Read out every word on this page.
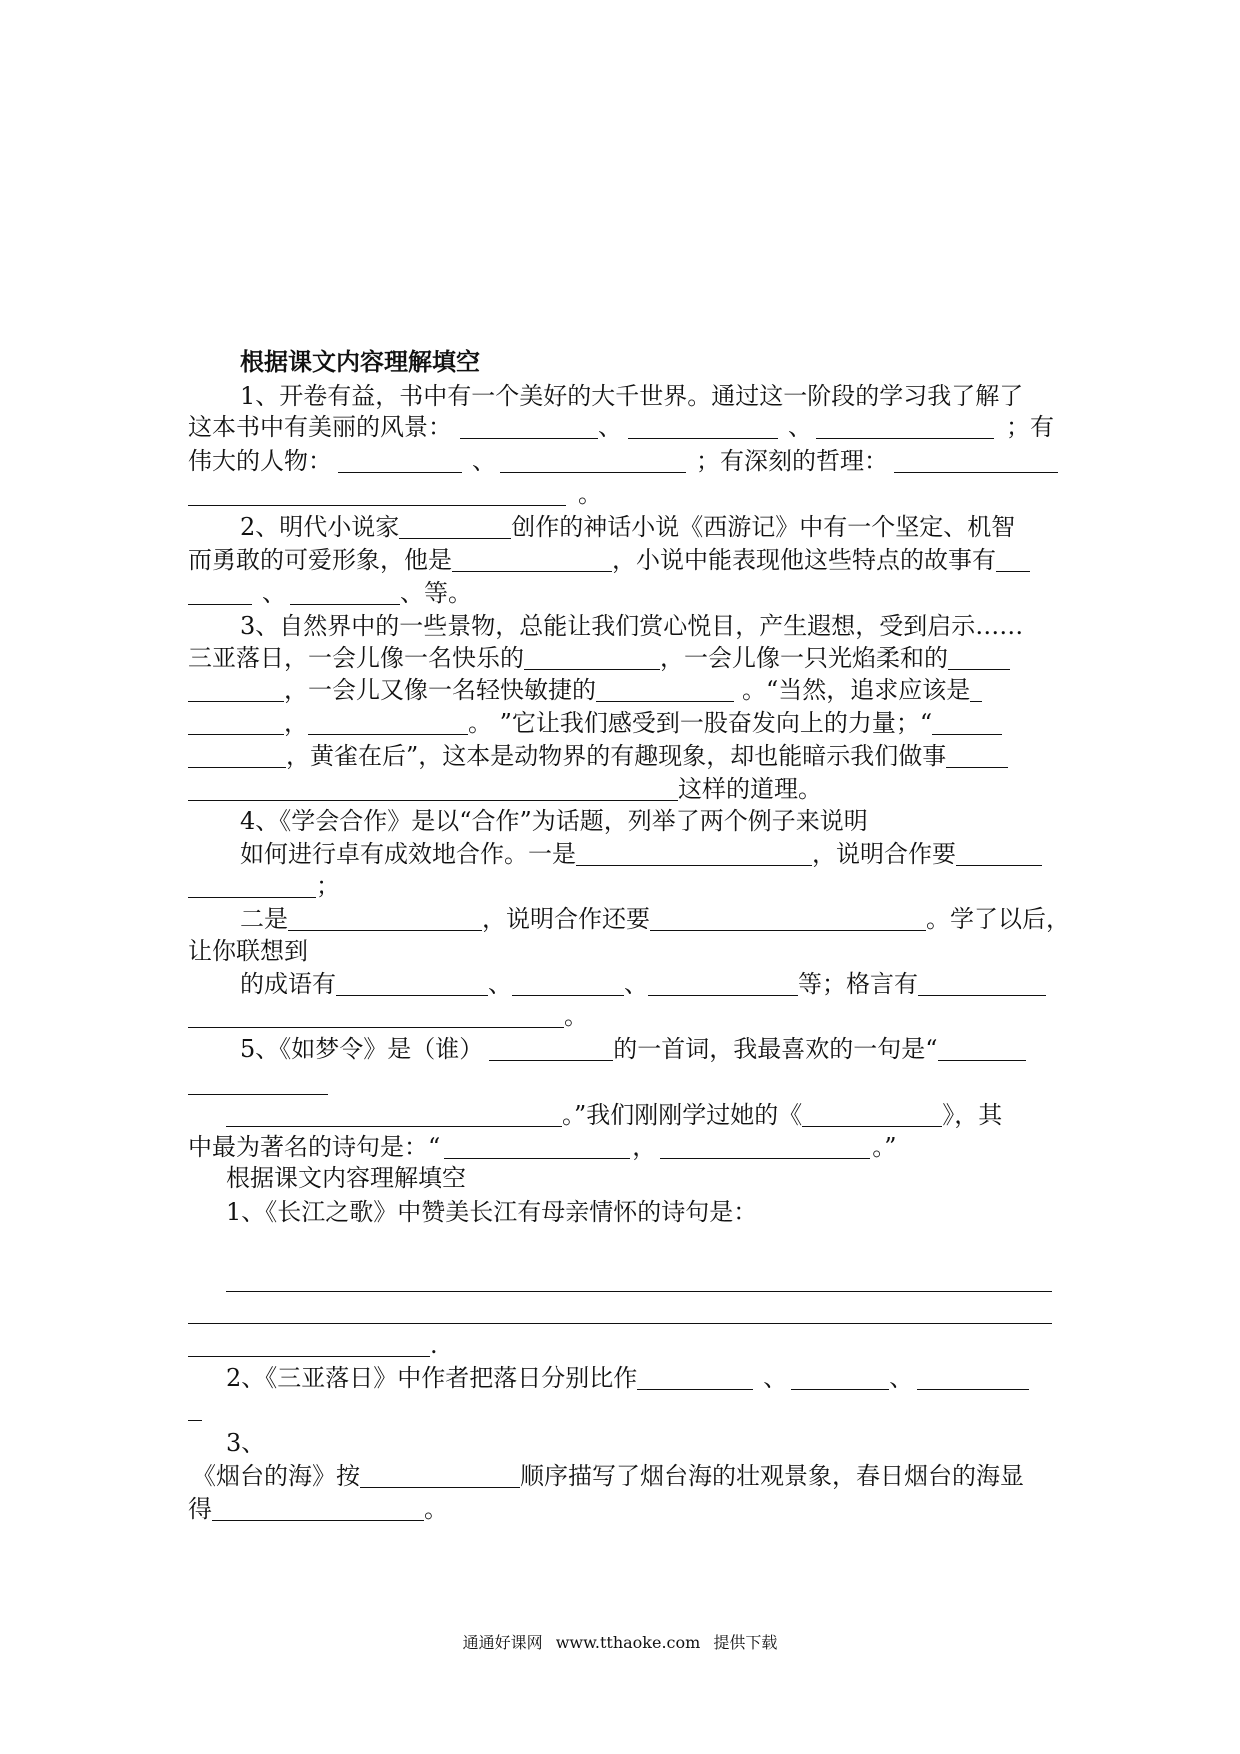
根据课文内容理解填空
1、开卷有益，书中有一个美好的大千世界。通过这一阶段的学习我了解了
这本书中有美丽的风景：	、	、	；有
伟大的人物：	、	；有深刻的哲理：
。
2、明代小说家	创作的神话小说《西游记》中有一个坚定、机智
而勇敢的可爱形象，他是	，小说中能表现他这些特点的故事有
、	、等。
3、自然界中的一些景物，总能让我们赏心悦目，产生遐想，受到启示……
三亚落日，一会儿像一名快乐的	，一会儿像一只光焰柔和的
，一会儿又像一名轻快敏捷的	。“当然，追求应该是
，	。 ”它让我们感受到一股奋发向上的力量；“
，黄雀在后”，这本是动物界的有趣现象，却也能暗示我们做事
这样的道理。
4、《学会合作》是以“合作”为话题，列举了两个例子来说明
如何进行卓有成效地合作。一是	，说明合作要
；
二是	，说明合作还要	。学了以后，
让你联想到
的成语有	、	、	等；格言有
。
5、《如梦令》是（谁）	的一首词，我最喜欢的一句是“
。”我们刚刚学过她的《	》，其
中最为著名的诗句是：“	，	。”
根据课文内容理解填空
1、《长江之歌》中赞美长江有母亲情怀的诗句是：
.
2、《三亚落日》中作者把落日分别比作	、	、
3、
《烟台的海》按	顺序描写了烟台海的壮观景象，春日烟台的海显
得	。
通通好课网 www.tthaoke.com 提供下载
